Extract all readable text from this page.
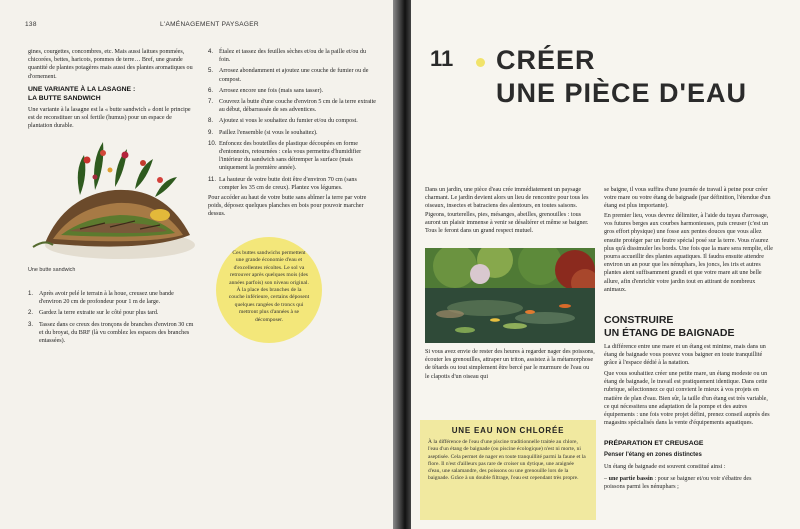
138	L'AMÉNAGEMENT PAYSAGER
gines, courgettes, concombres, etc. Mais aussi laitues pommées, chicorées, bettes, haricots, pommes de terre… Bref, une grande quantité de plantes potagères mais aussi des plantes aromatiques ou d'ornement.
UNE VARIANTE À LA LASAGNE :
LA BUTTE SANDWICH
Une variante à la lasagne est la « butte sandwich » dont le principe est de reconstituer un sol fertile (humus) pour un espace de plantation durable.
Une butte sandwich
1. Après avoir pelé le terrain à la houe, creusez une bande d'environ 20 cm de profondeur pour 1 m de large.
2. Gardez la terre extraite sur le côté pour plus tard.
3. Tassez dans ce creux des tronçons de branches d'environ 30 cm et du broyat, du BRF (là vu comblez les espaces des branches entassées).
4. Étalez et tassez des feuilles sèches et/ou de la paille et/ou du foin.
5. Arrosez abondamment et ajoutez une couche de fumier ou de compost.
6. Arrosez encore une fois (mais sans tasser).
7. Couvrez la butte d'une couche d'environ 5 cm de la terre extraite au début, débarrassée de ses adventices.
8. Ajoutez si vous le souhaitez du fumier et/ou du compost.
9. Paillez l'ensemble (si vous le souhaitez).
10. Enfoncez des bouteilles de plastique découpées en forme d'entonnoirs, retournées : cela vous permettra d'humidifier l'intérieur du sandwich sans détremper la surface (mais uniquement la première année).
11. La hauteur de votre butte doit être d'environ 70 cm (sans compter les 35 cm de creux). Plantez vos légumes.
Pour accéder au haut de votre butte sans abîmer la terre par votre poids, déposez quelques planches en bois pour pouvoir marcher dessus.
Ces buttes sandwichs permettent une grande économie d'eau et d'excellentes récoltes. Le sol va retrouver après quelques mois (des années parfois) son niveau original. À la place des branches de la couche inférieure, certains déposent quelques rangées de troncs qui mettront plus d'années à se décomposer.
11 CRÉER
UNE PIÈCE D'EAU
Dans un jardin, une pièce d'eau crée immédiatement un paysage charmant. Le jardin devient alors un lieu de rencontre pour tous les oiseaux, insectes et batraciens des alentours, en toutes saisons. Pigeons, tourterelles, pies, mésanges, abeilles, grenouilles : tous auront un plaisir immense à venir se désaltérer et même se baigner. Tous le feront dans un grand respect mutuel.
Si vous avez envie de rester des heures à regarder nager des poissons, écouter les grenouilles, attraper un triton, assistez à la métamorphose de têtards ou tout simplement être bercé par le murmure de l'eau ou le clapotis d'un oiseau qui
UNE EAU NON CHLORÉE
À la différence de l'eau d'une piscine traditionnelle traitée au chlore, l'eau d'un étang de baignade (ou piscine écologique) n'est ni morte, ni aseptisée. Cela permet de nager en toute tranquillité parmi la faune et la flore. Il n'est d'ailleurs pas rare de croiser un dytique, une araignée d'eau, une salamandre, des poissons ou une grenouille lors de la baignade. Grâce à un double filtrage, l'eau est cependant très propre.
se baigne, il vous suffira d'une journée de travail à peine pour créer votre mare ou votre étang de baignade (par définition, l'étendue d'un étang est plus importante).
En premier lieu, vous devrez délimiter, à l'aide du tuyau d'arrosage, vos futures berges aux courbes harmonieuses, puis creuser (c'est un gros effort physique) une fosse aux pentes douces que vous allez ensuite protéger par un feutre spécial posé sur la terre. Vous n'aurez plus qu'à dissimuler les bords. Une fois que la mare sera remplie, elle pourra accueillir des plantes aquatiques. Il faudra ensuite attendre environ un an pour que les nénuphars, les joncs, les iris et autres plantes aient suffisamment grandi et que votre mare ait une belle allure, afin d'enrichir votre jardin tout en attirant de nombreux animaux.
CONSTRUIRE
UN ÉTANG DE BAIGNADE
La différence entre une mare et un étang est minime, mais dans un étang de baignade vous pouvez vous baigner en toute tranquillité grâce à l'espace dédié à la natation.
Que vous souhaitiez créer une petite mare, un étang modeste ou un étang de baignade, le travail est pratiquement identique. Dans cette rubrique, sélectionnez ce qui convient le mieux à vos projets en matière de plan d'eau. Bien sûr, la taille d'un étang est très variable, ce qui nécessitera une adaptation de la pompe et des autres équipements : une fois votre projet défini, prenez conseil auprès des magasins spécialisés dans la vente d'équipements aquatiques.
PRÉPARATION ET CREUSAGE
Penser l'étang en zones distinctes
Un étang de baignade est souvent constitué ainsi :
– une partie bassin : pour se baigner et/ou voir s'ébattre des poissons parmi les nénuphars ;
